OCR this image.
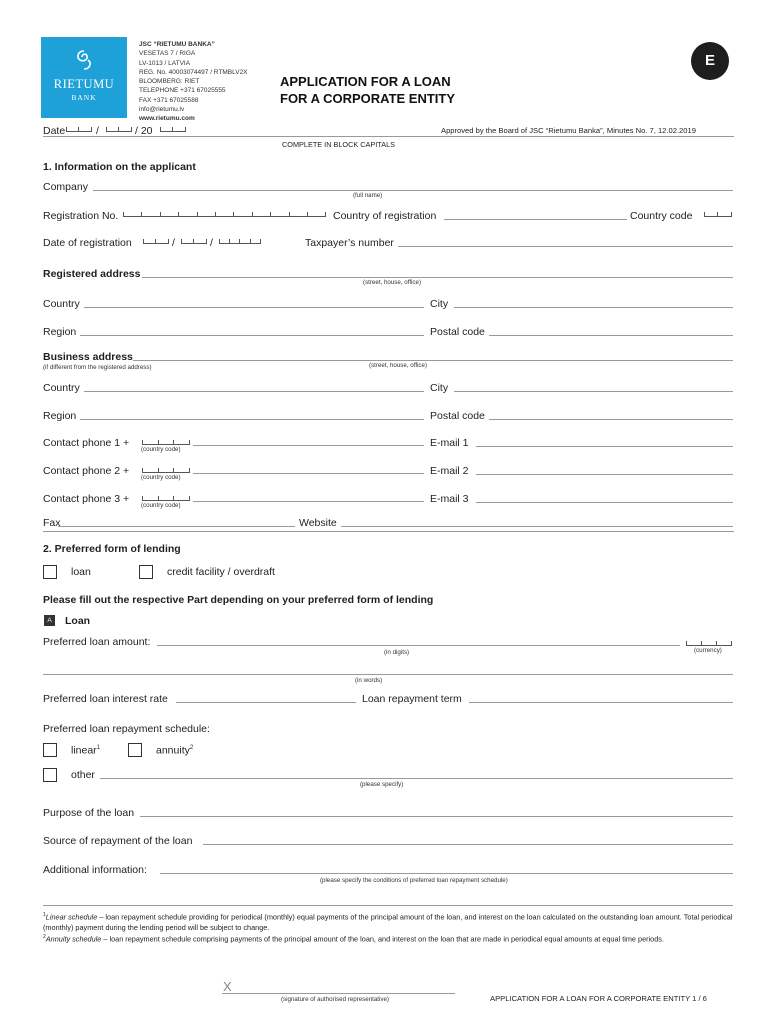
RIETUMU
BANK
JSC “RIETUMU BANKA”
VESETAS 7 / RIGA
LV-1013 / LATVIA
REG. No. 40003074497 / RTMBLV2X
BLOOMBERG: RIET
TELEPHONE +371 67025555
FAX +371 67025588
info@rietumu.lv
www.rietumu.com
APPLICATION FOR A LOAN
FOR A CORPORATE ENTITY
E
Date	/	/ 20	Approved by the Board of JSC “Rietumu Banka”, Minutes No. 7, 12.02.2019
COMPLETE IN BLOCK CAPITALS
1. Information on the applicant
Company
(full name)
Registration No.	Country of registration	Country code
Date of registration	/	/	Taxpayer’s number
Registered address
(street, house, office)
Country	City
Region	Postal code
Business address
(if different from the registered address)	(street, house, office)
Country	City
Region	Postal code
Contact phone 1 +
(country code)
E-mail 1
Contact phone 2 +
(country code)
E-mail 2
Contact phone 3 +
(country code)
E-mail 3
Fax	Website
2. Preferred form of lending
loan	credit facility / overdraft
Please fill out the respective Part depending on your preferred form of lending
A	Loan
Preferred loan amount:
(currency)
(in digits)
(in words)
Preferred loan interest rate	Loan repayment term
Preferred loan repayment schedule:
linear$^1$	annuity$^2$
other
(please specify)
Purpose of the loan
Source of repayment of the loan
Additional information:
(please specify the conditions of preferred loan repayment schedule)
$^1$Linear schedule – loan repayment schedule providing for periodical (monthly) equal payments of the principal amount of the loan, and interest on the loan calculated on the outstanding loan amount. Total periodical (monthly) payment during the lending period will be subject to change.
$^2$Annuity schedule – loan repayment schedule comprising payments of the principal amount of the loan, and interest on the loan that are made in periodical equal amounts at equal time periods.
X
(signature of authorised representative)	APPLICATION FOR A LOAN FOR A CORPORATE ENTITY 1 / 6
